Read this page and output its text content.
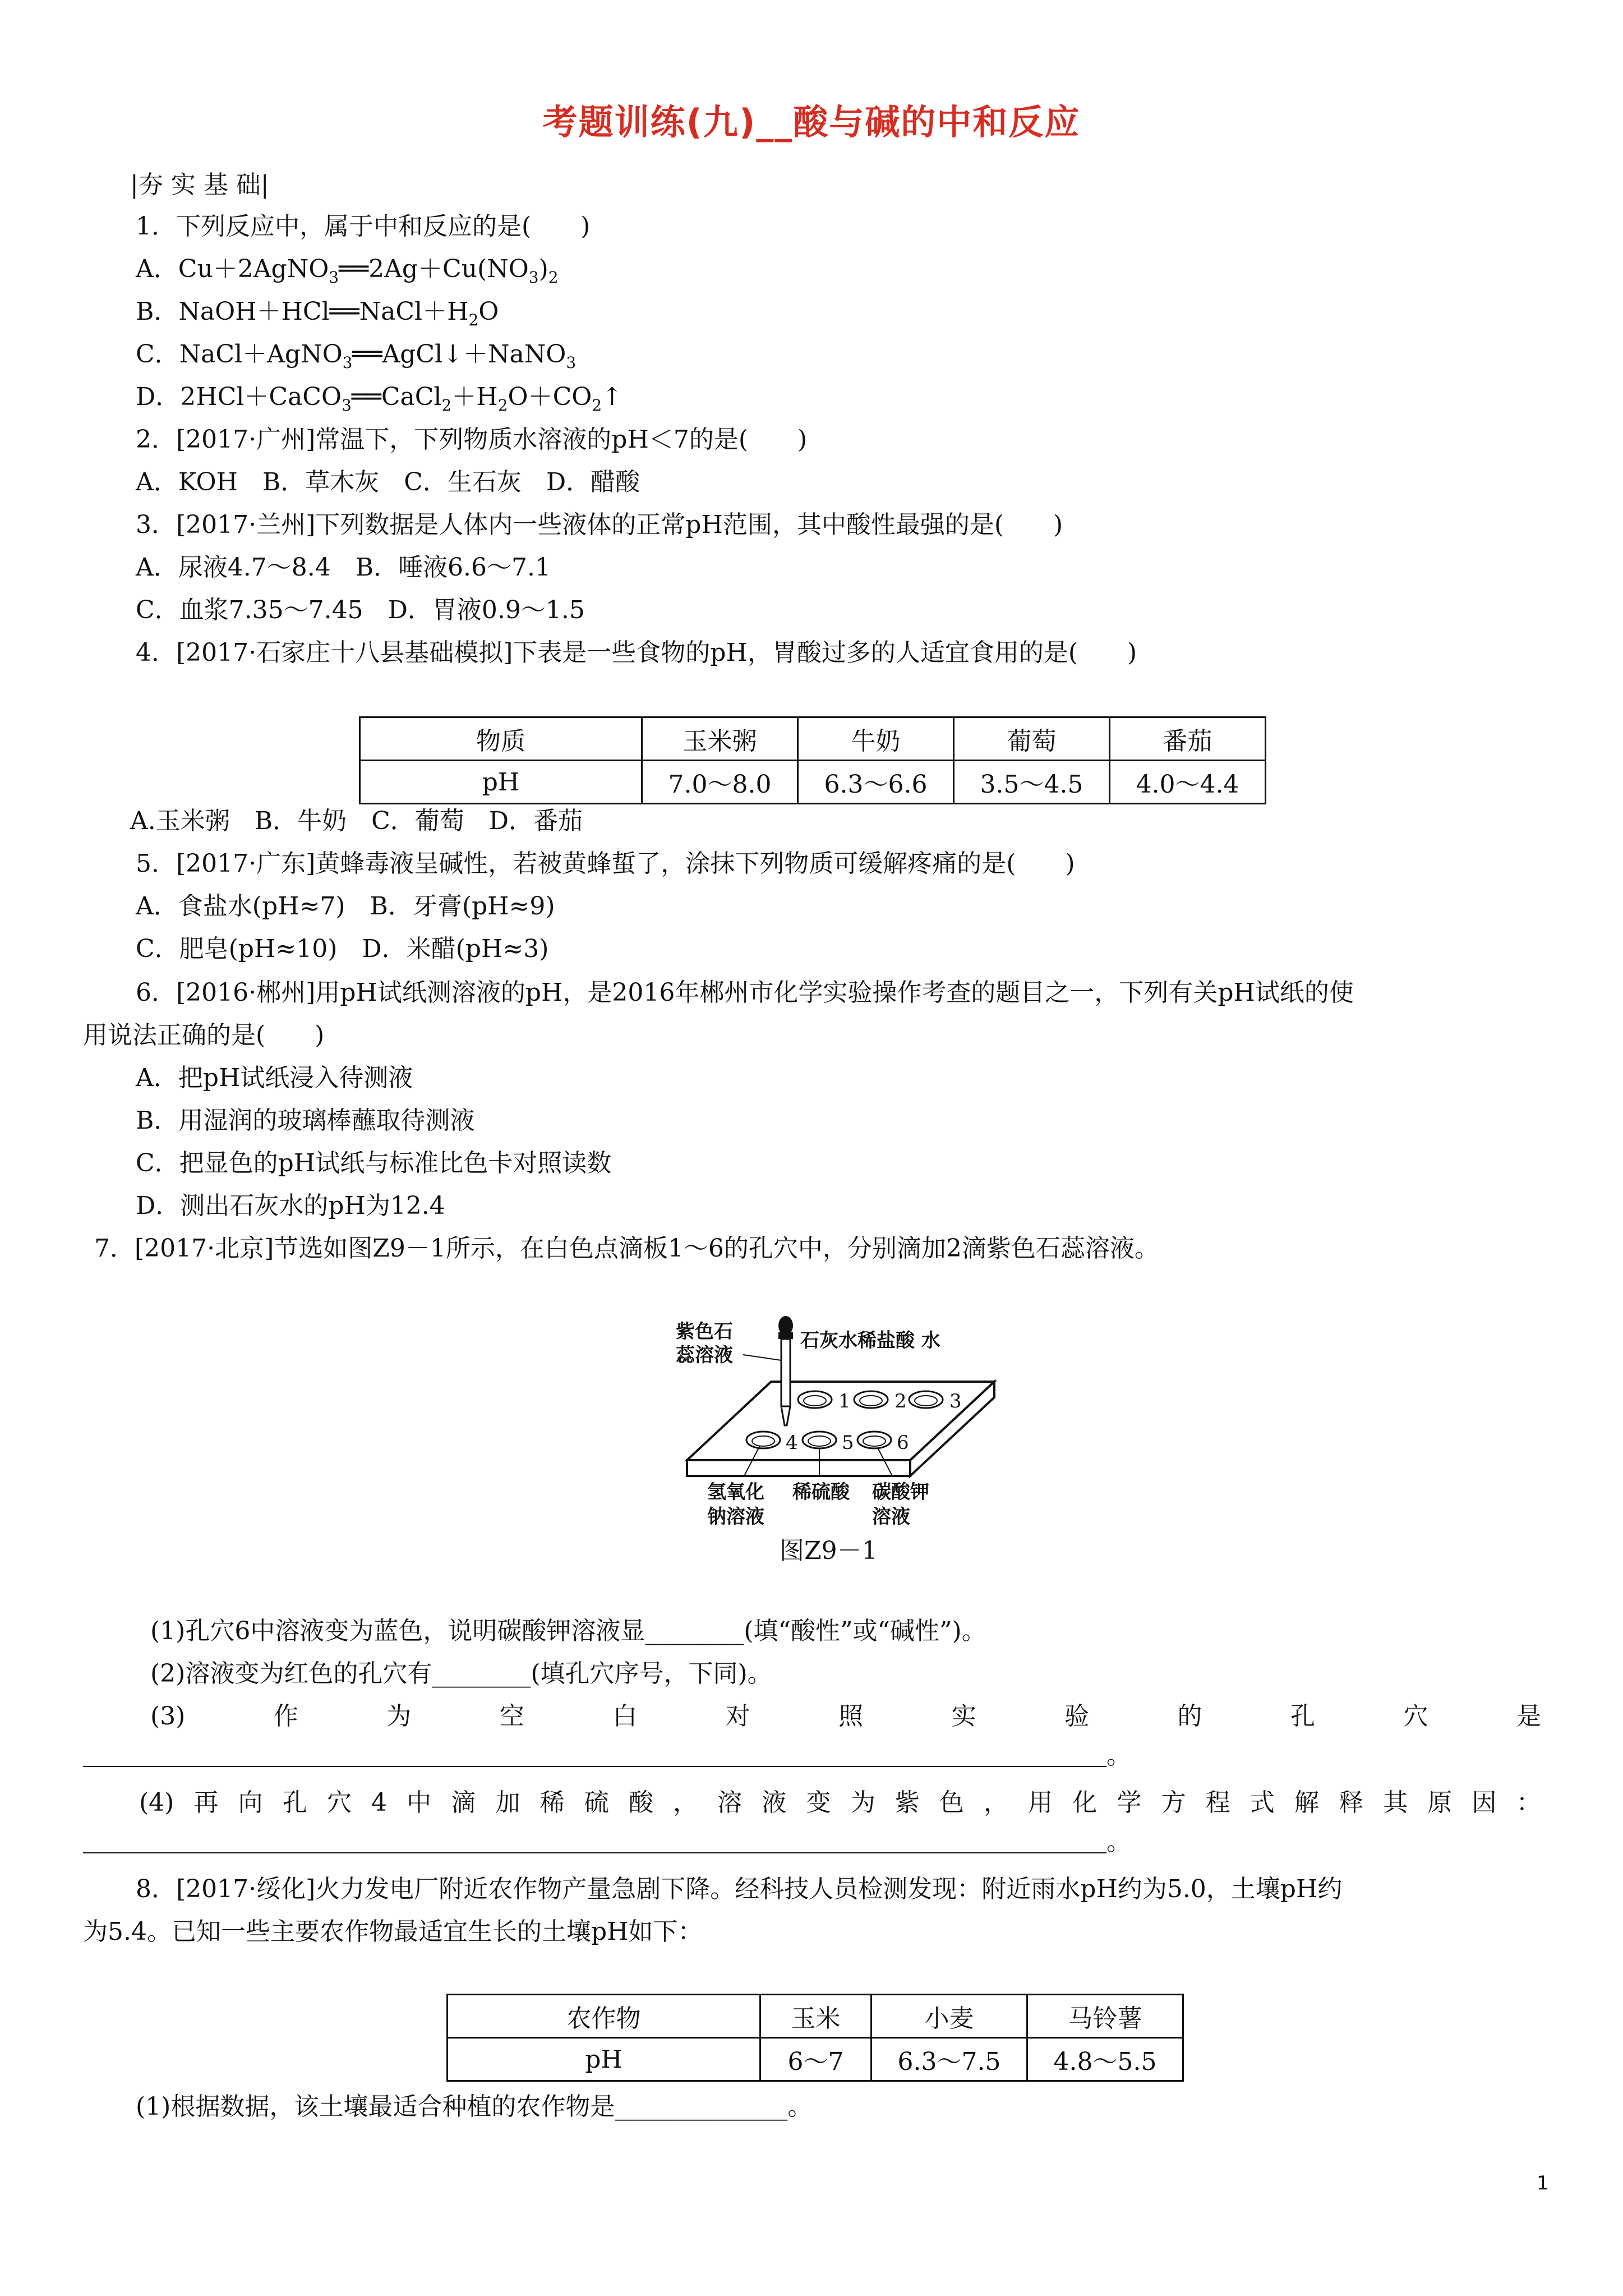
考题训练(九)__酸与碱的中和反应
|夯 实 基 础|
1．下列反应中，属于中和反应的是(　　)
A．$Cu+2AgNO_3══2Ag+Cu(NO_3)_2$
B．$NaOH+HCl══NaCl+H_2O$
C．NaCl＋AgNO$_3$══AgCl↓＋NaNO$_3$
D．$2HCl+CaCO_3══CaCl_2+H_2O+CO_2↑$
2．[2017·广州]常温下，下列物质水溶液的pH＜7的是(　　)
A．KOH　B．草木灰　C．生石灰　D．醋酸
3．[2017·兰州]下列数据是人体内一些液体的正常pH范围，其中酸性最强的是(　　)
A．尿液4.7～8.4　B．唾液6.6～7.1
C．血浆7.35～7.45　D．胃液0.9～1.5
4．[2017·石家庄十八县基础模拟]下表是一些食物的pH，胃酸过多的人适宜食用的是(　　)
物质	玉米粥	牛奶	葡萄	番茄
pH	7.0～8.0	6.3～6.6	3.5～4.5	4.0～4.4
A.玉米粥　B．牛奶　C．葡萄　D．番茄
5．[2017·广东]黄蜂毒液呈碱性，若被黄蜂蜇了，涂抹下列物质可缓解疼痛的是(　　)
A．食盐水(pH≈7)　B．牙膏(pH≈9)
C．肥皂(pH≈10)　D．米醋(pH≈3)
6．[2016·郴州]用pH试纸测溶液的pH，是2016年郴州市化学实验操作考查的题目之一，下列有关pH试纸的使
用说法正确的是(　　)
A．把pH试纸浸入待测液
B．用湿润的玻璃棒蘸取待测液
C．把显色的pH试纸与标准比色卡对照读数
D．测出石灰水的pH为12.4
7．[2017·北京]节选如图Z9－1所示，在白色点滴板1～6的孔穴中，分别滴加2滴紫色石蕊溶液。
紫色石
蕊溶液
石灰水稀盐酸 水
1 2 3
4 5 6
氢氧化
钠溶液
稀硫酸 碳酸钾
溶液
图Z9－1
(1)孔穴6中溶液变为蓝色，说明碳酸钾溶液显________(填“酸性”或“碱性”)。
(2)溶液变为红色的孔穴有________(填孔穴序号，下同)。
(3)	作	为	空	白	对	照	实	验	的	孔	穴	是
。
(4) 再 向 孔 穴 4 中 滴 加 稀 硫 酸 ， 溶 液 变 为 紫 色 ， 用 化 学 方 程 式 解 释 其 原 因 ：
。
8．[2017·绥化]火力发电厂附近农作物产量急剧下降。经科技人员检测发现：附近雨水pH约为5.0，土壤pH约
为5.4。已知一些主要农作物最适宜生长的土壤pH如下：
农作物	玉米	小麦	马铃薯
pH	6～7	6.3～7.5	4.8～5.5
(1)根据数据，该土壤最适合种植的农作物是______________。
1
